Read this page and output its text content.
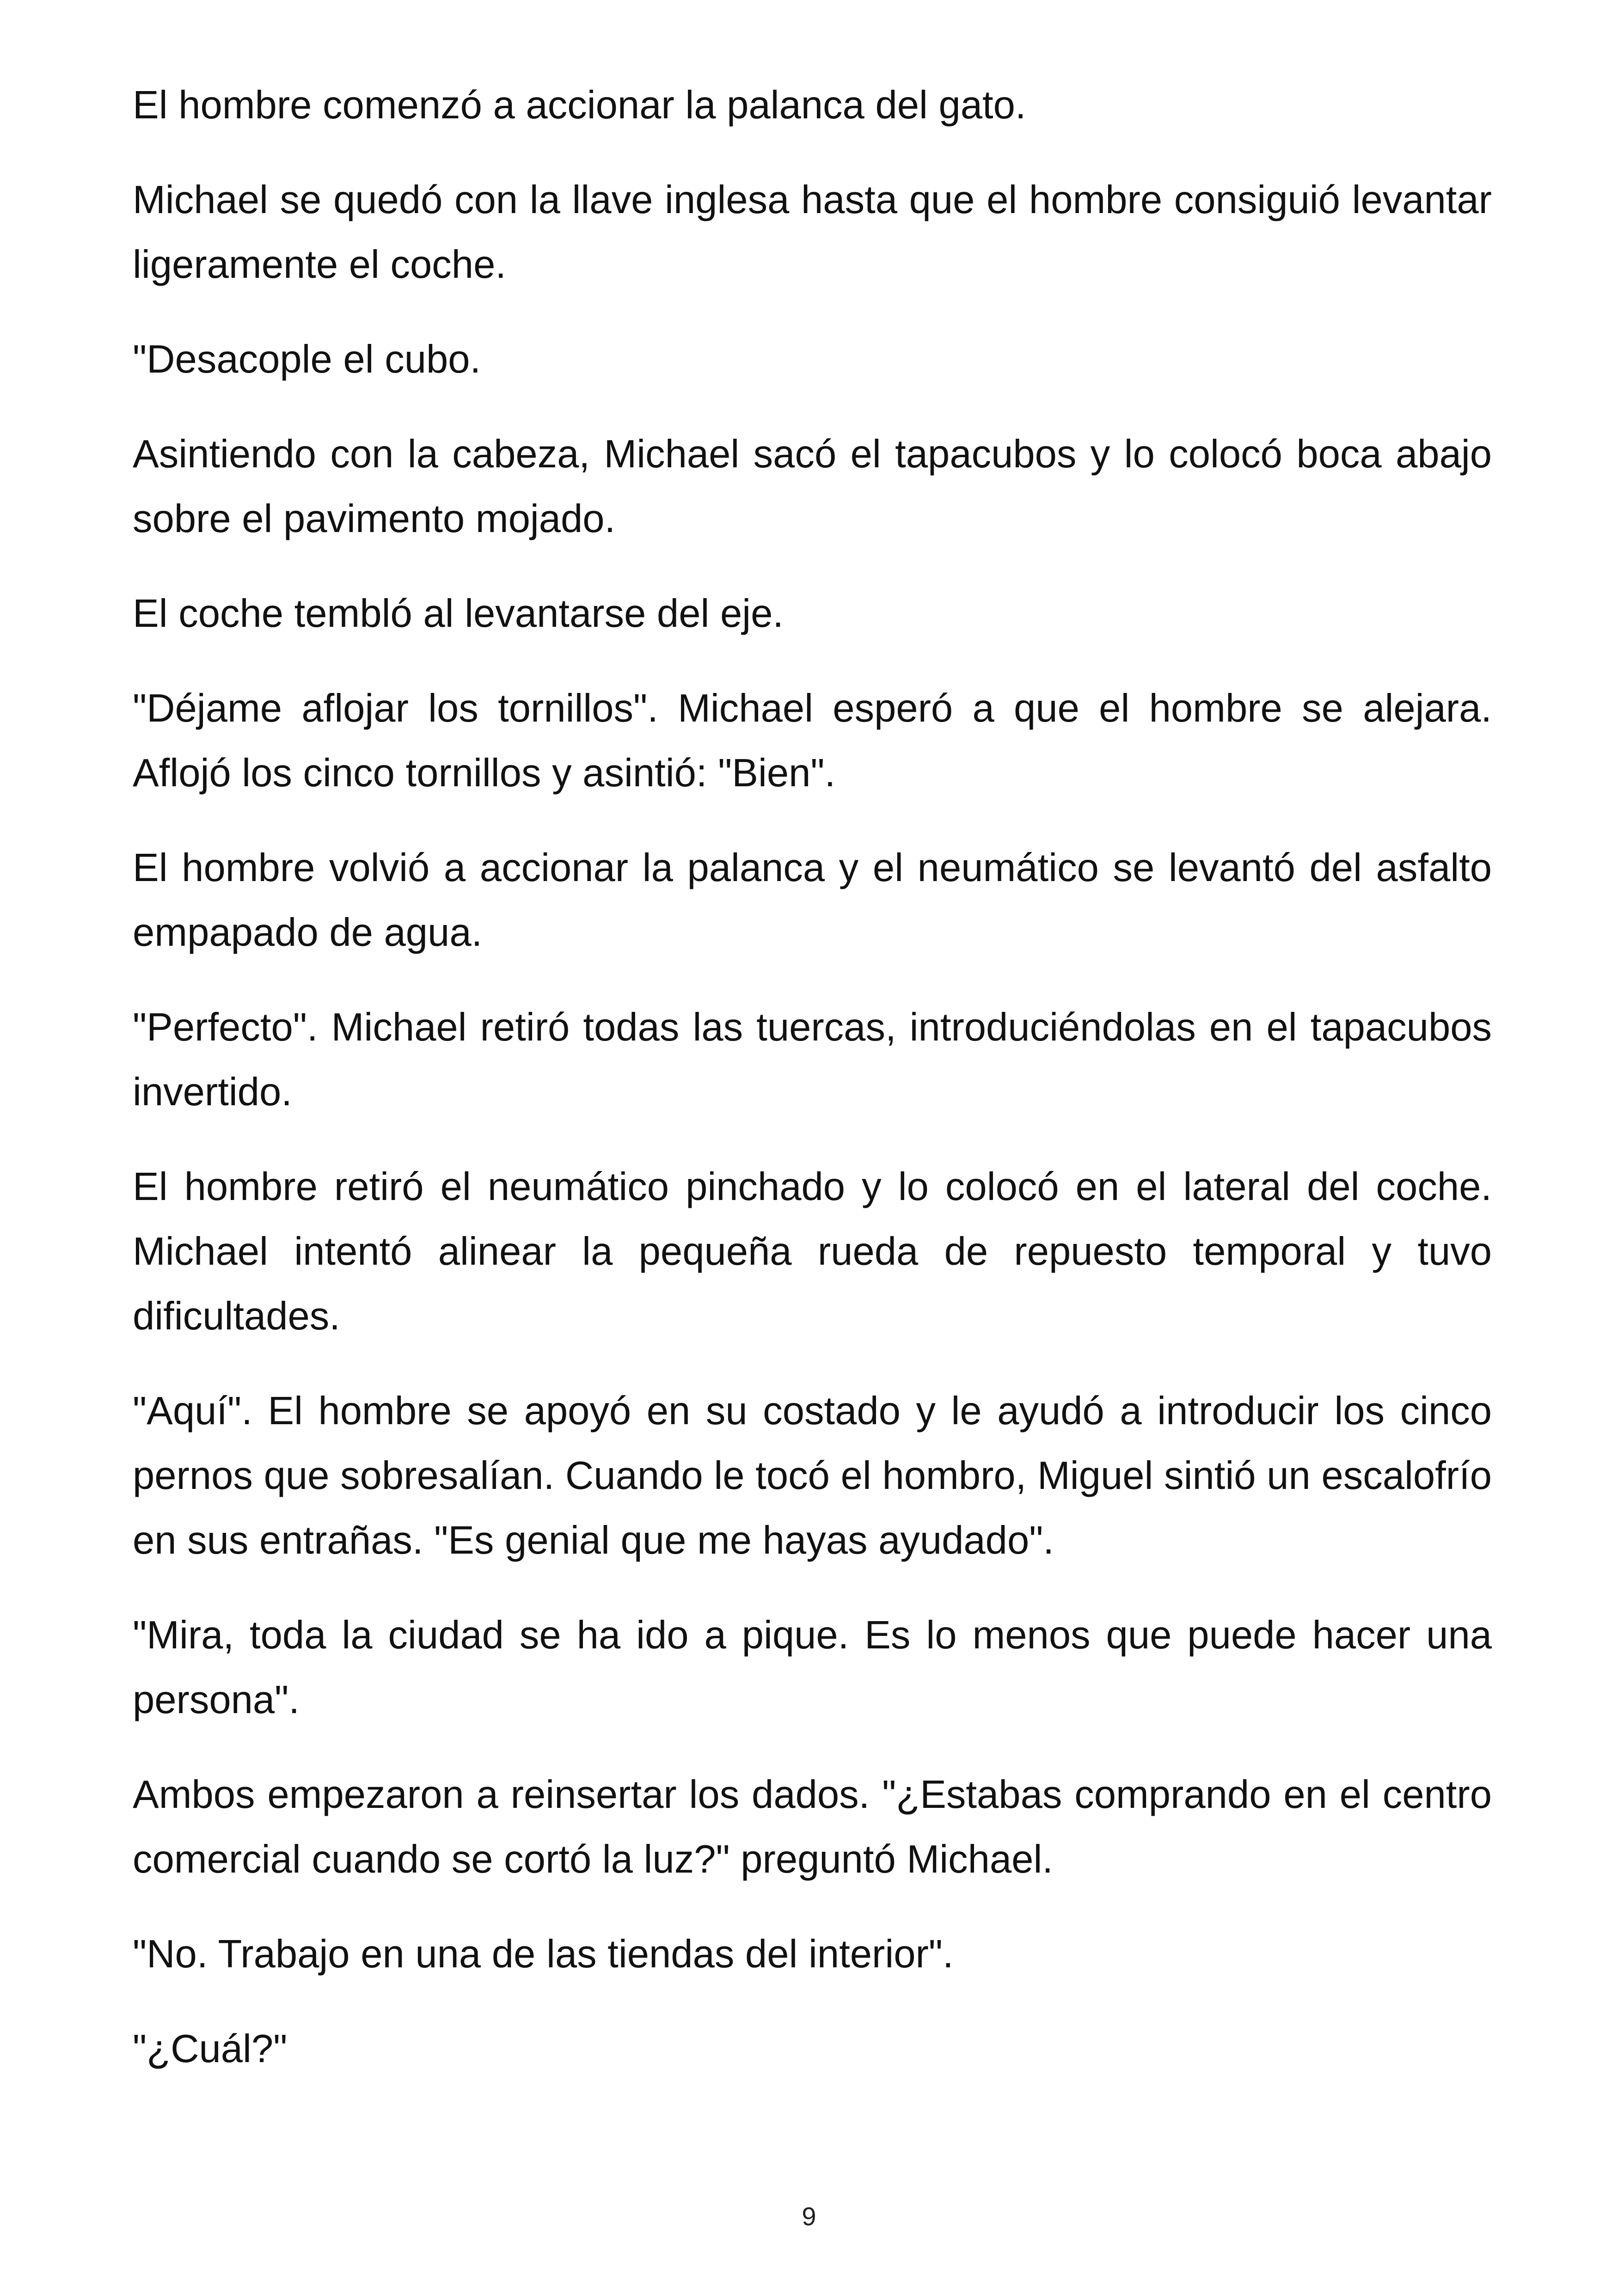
El hombre comenzó a accionar la palanca del gato.

Michael se quedó con la llave inglesa hasta que el hombre consiguió levantar ligeramente el coche.

"Desacople el cubo.

Asintiendo con la cabeza, Michael sacó el tapacubos y lo colocó boca abajo sobre el pavimento mojado.

El coche tembló al levantarse del eje.

"Déjame aflojar los tornillos". Michael esperó a que el hombre se alejara. Aflojó los cinco tornillos y asintió: "Bien".

El hombre volvió a accionar la palanca y el neumático se levantó del asfalto empapado de agua.

"Perfecto". Michael retiró todas las tuercas, introduciéndolas en el tapacubos invertido.

El hombre retiró el neumático pinchado y lo colocó en el lateral del coche. Michael intentó alinear la pequeña rueda de repuesto temporal y tuvo dificultades.

"Aquí". El hombre se apoyó en su costado y le ayudó a introducir los cinco pernos que sobresalían. Cuando le tocó el hombro, Miguel sintió un escalofrío en sus entrañas. "Es genial que me hayas ayudado".

"Mira, toda la ciudad se ha ido a pique. Es lo menos que puede hacer una persona".

Ambos empezaron a reinsertar los dados. "¿Estabas comprando en el centro comercial cuando se cortó la luz?" preguntó Michael.

"No. Trabajo en una de las tiendas del interior".

"¿Cuál?"

9
